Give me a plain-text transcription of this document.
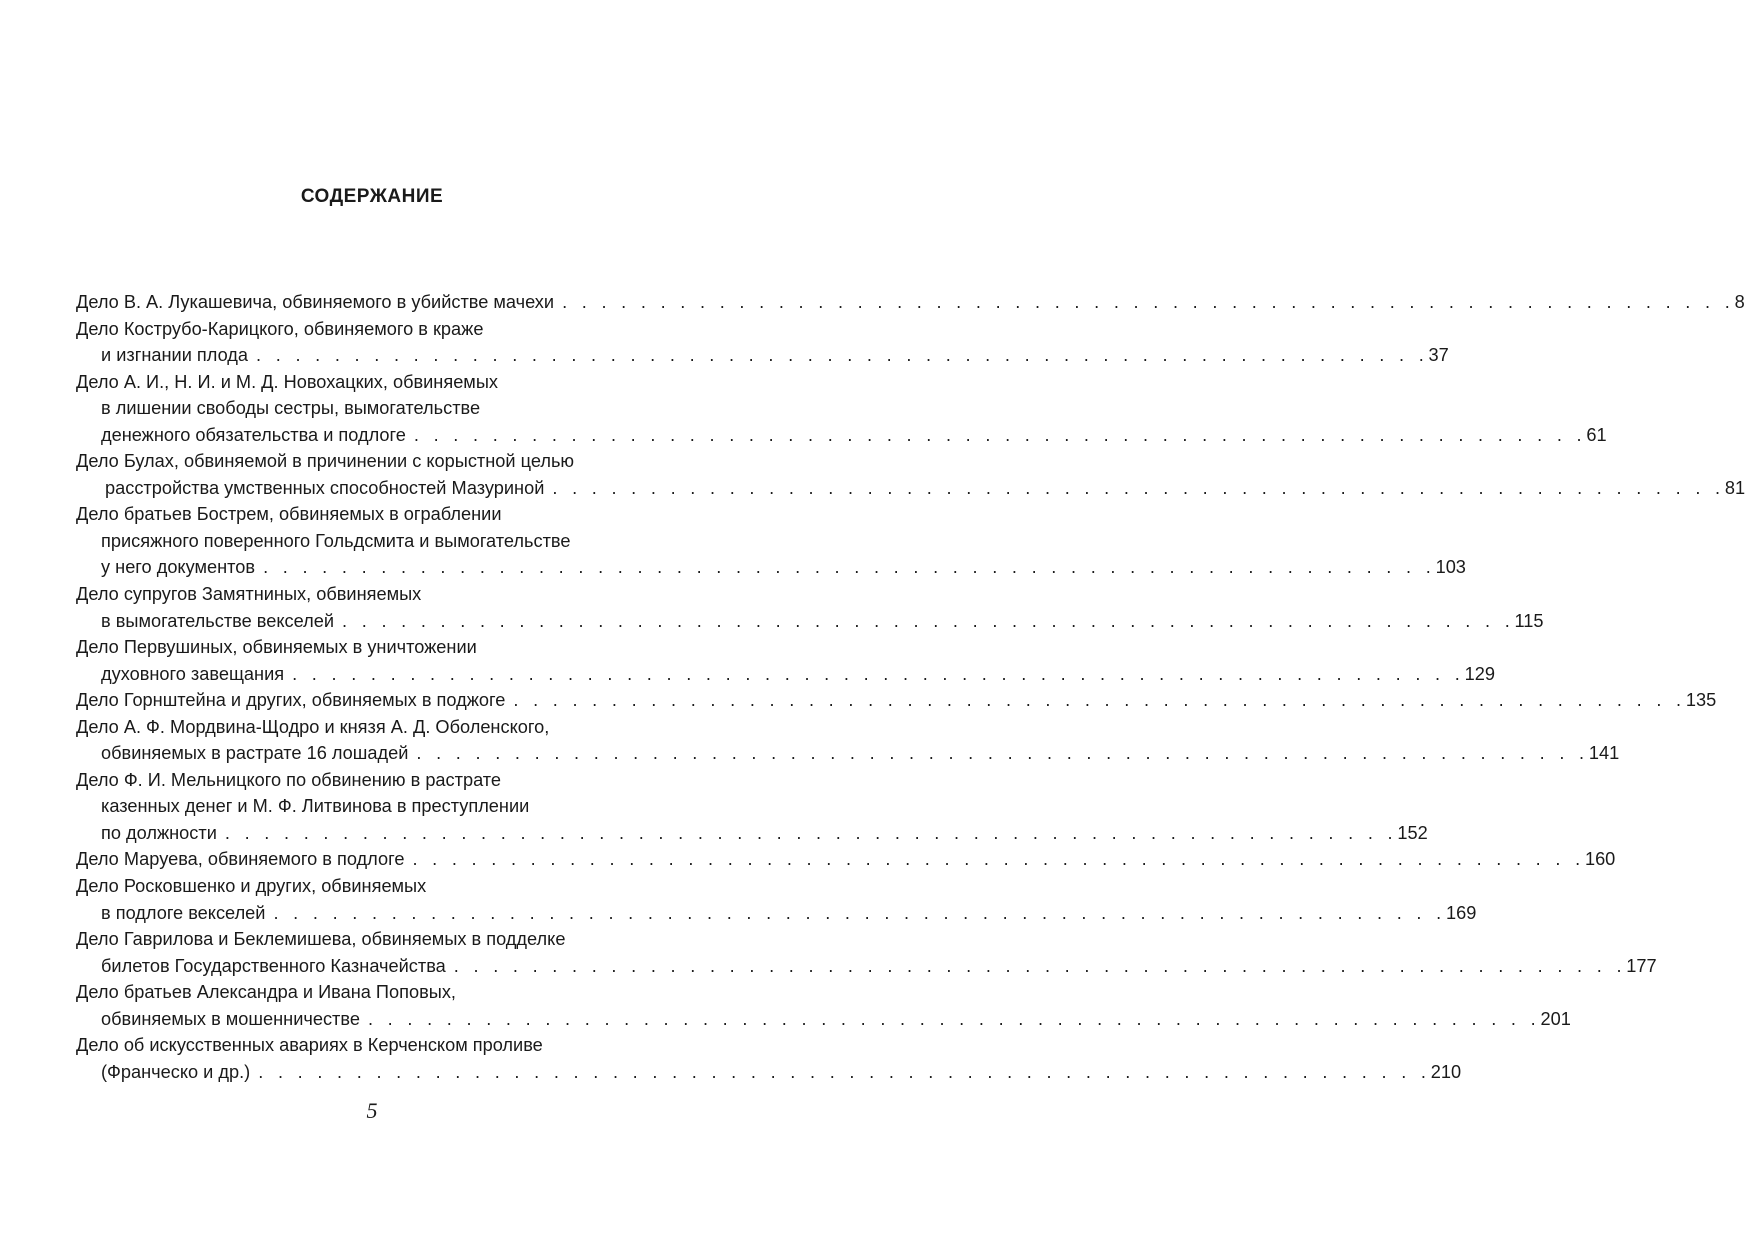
СОДЕРЖАНИЕ
Дело В. А. Лукашевича, обвиняемого в убийстве мачехи . . . . . . . . . . . . . . . . . . . . . . . . . . . . . . . . . . . . . . . . . . . . . . . . . . . . . . . . . . . . 8
Дело Кострубо-Карицкого, обвиняемого в краже
и изгнании плода . . . . . . . . . . . . . . . . . . . . . . . . . . . . . . . . . . . . . . . . . . . . . . . . . . . . . . . . . . . . 37
Дело А. И., Н. И. и М. Д. Новохацких, обвиняемых
в лишении свободы сестры, вымогательстве
денежного обязательства и подлоге . . . . . . . . . . . . . . . . . . . . . . . . . . . . . . . . . . . . . . . . . . . . . . . . . . . . . . . . . . . . 61
Дело Булах, обвиняемой в причинении с корыстной целью
расстройства умственных способностей Мазуриной . . . . . . . . . . . . . . . . . . . . . . . . . . . . . . . . . . . . . . . . . . . . . . . . . . . . . . . . . . . . 81
Дело братьев Бострем, обвиняемых в ограблении
присяжного поверенного Гольдсмита и вымогательстве
у него документов . . . . . . . . . . . . . . . . . . . . . . . . . . . . . . . . . . . . . . . . . . . . . . . . . . . . . . . . . . . . 103
Дело супругов Замятниных, обвиняемых
в вымогательстве векселей . . . . . . . . . . . . . . . . . . . . . . . . . . . . . . . . . . . . . . . . . . . . . . . . . . . . . . . . . . . . 115
Дело Первушиных, обвиняемых в уничтожении
духовного завещания . . . . . . . . . . . . . . . . . . . . . . . . . . . . . . . . . . . . . . . . . . . . . . . . . . . . . . . . . . . . 129
Дело Горнштейна и других, обвиняемых в поджоге . . . . . . . . . . . . . . . . . . . . . . . . . . . . . . . . . . . . . . . . . . . . . . . . . . . . . . . . . . . . 135
Дело А. Ф. Мордвина-Щодро и князя А. Д. Оболенского,
обвиняемых в растрате 16 лошадей . . . . . . . . . . . . . . . . . . . . . . . . . . . . . . . . . . . . . . . . . . . . . . . . . . . . . . . . . . . . 141
Дело Ф. И. Мельницкого по обвинению в растрате
казенных денег и М. Ф. Литвинова в преступлении
по должности . . . . . . . . . . . . . . . . . . . . . . . . . . . . . . . . . . . . . . . . . . . . . . . . . . . . . . . . . . . . 152
Дело Маруева, обвиняемого в подлоге . . . . . . . . . . . . . . . . . . . . . . . . . . . . . . . . . . . . . . . . . . . . . . . . . . . . . . . . . . . . 160
Дело Росковшенко и других, обвиняемых
в подлоге векселей . . . . . . . . . . . . . . . . . . . . . . . . . . . . . . . . . . . . . . . . . . . . . . . . . . . . . . . . . . . . 169
Дело Гаврилова и Беклемишева, обвиняемых в подделке
билетов Государственного Казначейства . . . . . . . . . . . . . . . . . . . . . . . . . . . . . . . . . . . . . . . . . . . . . . . . . . . . . . . . . . . . 177
Дело братьев Александра и Ивана Поповых,
обвиняемых в мошенничестве . . . . . . . . . . . . . . . . . . . . . . . . . . . . . . . . . . . . . . . . . . . . . . . . . . . . . . . . . . . . 201
Дело об искусственных авариях в Керченском проливе
(Франческо и др.) . . . . . . . . . . . . . . . . . . . . . . . . . . . . . . . . . . . . . . . . . . . . . . . . . . . . . . . . . . . . 210
5
